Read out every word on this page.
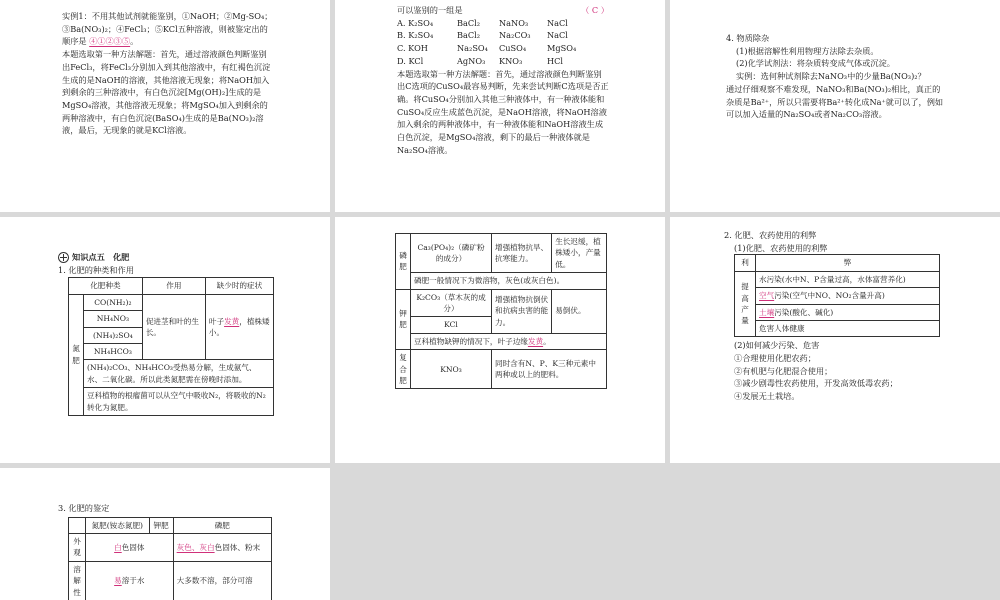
实例1：不用其他试剂就能鉴别，①NaOH；②Mg-SO₄；③Ba(NO₃)₂；④FeCl₃；⑤KCl五种溶液，则被鉴定出的顺序是 ④①②③⑤。
本题选取第一种方法解题：首先，通过溶液颜色判断鉴别出FeCl₃，将FeCl₃分别加入到其他溶液中，有红褐色沉淀生成的是NaOH的溶液，其他溶液无现象；将NaOH加入到剩余的三种溶液中，有白色沉淀[Mg(OH)₂]生成的是MgSO₄溶液，其他溶液无现象；将MgSO₄加入到剩余的两种溶液中，有白色沉淀(BaSO₄)生成的是Ba(NO₃)₂溶液，最后，无现象的就是KCl溶液。
可以鉴别的一组是	（ C ）
A. K₂SO₄	BaCl₂	NaNO₃	NaCl
B. K₂SO₄	BaCl₂	Na₂CO₃	NaCl
C. KOH	Na₂SO₄	CuSO₄	MgSO₄
D. KCl	AgNO₃	KNO₃	HCl
本题选取第一种方法解题：首先，通过溶液颜色判断鉴别出C选项的CuSO₄最容易判断，先来尝试判断C选项是否正确。将CuSO₄分别加入其他三种液体中，有一种液体能和CuSO₄反应生成蓝色沉淀，是NaOH溶液，将NaOH溶液加入剩余的两种液体中，有一种液体能和NaOH溶液生成白色沉淀，是MgSO₄溶液，剩下的最后一种液体就是Na₂SO₄溶液。
4. 物质除杂
(1)根据溶解性利用物理方法除去杂质。
(2)化学试剂法：将杂质转变成气体或沉淀。
实例：选何种试剂除去NaNO₃中的少量Ba(NO₃)₂？
通过仔细观察不难发现，NaNO₃和Ba(NO₃)₂相比，真正的杂质是Ba²⁺，所以只需要将Ba²⁺转化成Na⁺就可以了，例如可以加入适量的Na₂SO₄或者Na₂CO₃溶液。
知识点五　化肥
1. 化肥的种类和作用
化肥种类		作用	缺少时的症状
氮肥	CO(NH₂)₂	促进茎和叶的生长。	叶子发黄，植株矮小。
	NH₄NO₃		
	(NH₄)₂SO₄		
	NH₄HCO₃		
	(NH₄)₂CO₃、NH₄HCO₃受热易分解，生成氨气、水、二氧化碳。所以此类氮肥需在傍晚时添加。		
	豆科植物的根瘤菌可以从空气中吸收N₂，将吸收的N₂转化为氮肥。		
磷肥	Ca₃(PO₄)₂（磷矿粉的成分）	增强植物抗旱、抗寒能力。	生长迟缓，植株矮小，产量低。
	磷肥一般情况下为微溶物，灰色(或灰白色)。		
钾肥	K₂CO₃（草木灰的成分）	增强植物抗倒伏和抗病虫害的能力。	易倒伏。
	KCl		
	豆科植物缺钾的情况下，叶子边缘发黄。		
复合肥	KNO₃	同时含有N、P、K三种元素中两种或以上的肥料。	
2. 化肥、农药使用的利弊
(1)化肥、农药使用的利弊
利	弊
提高产量	水污染(水中N、P含量过高，水体富营养化)
	空气污染(空气中NO、NO₂含量升高)
	土壤污染(酸化、碱化)
	危害人体健康
(2)如何减少污染、危害
①合理使用化肥农药；
②有机肥与化肥混合使用；
③减少剧毒性农药使用，开发高效低毒农药；
④发展无土栽培。
3. 化肥的鉴定
	氮肥(铵态氮肥)	钾肥	磷肥
外观	白色固体		灰色、灰白色固体、粉末
溶解性	易溶于水		大多数不溶，部分可溶
